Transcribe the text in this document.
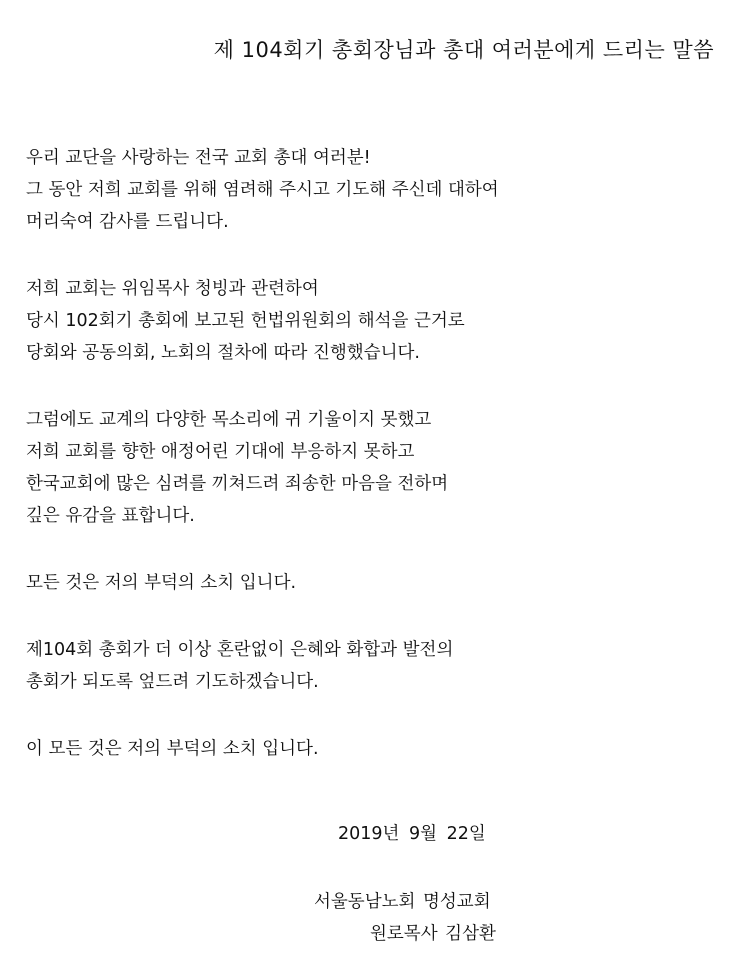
제 104회기 총회장님과 총대 여러분에게 드리는 말씀
우리 교단을 사랑하는 전국 교회 총대 여러분!
그 동안 저희 교회를 위해 염려해 주시고 기도해 주신데 대하여
머리숙여 감사를 드립니다.
저희 교회는 위임목사 청빙과 관련하여
당시 102회기 총회에 보고된 헌법위원회의 해석을 근거로
당회와 공동의회, 노회의 절차에 따라 진행했습니다.
그럼에도 교계의 다양한 목소리에 귀 기울이지 못했고
저희 교회를 향한 애정어린 기대에 부응하지 못하고
한국교회에 많은 심려를 끼쳐드려 죄송한 마음을 전하며
깊은 유감을 표합니다.
모든 것은 저의 부덕의 소치 입니다.
제104회 총회가 더 이상 혼란없이 은혜와 화합과 발전의
총회가 되도록 엎드려 기도하겠습니다.
이 모든 것은 저의 부덕의 소치 입니다.
2019년 9월 22일
서울동남노회 명성교회
원로목사 김삼환
